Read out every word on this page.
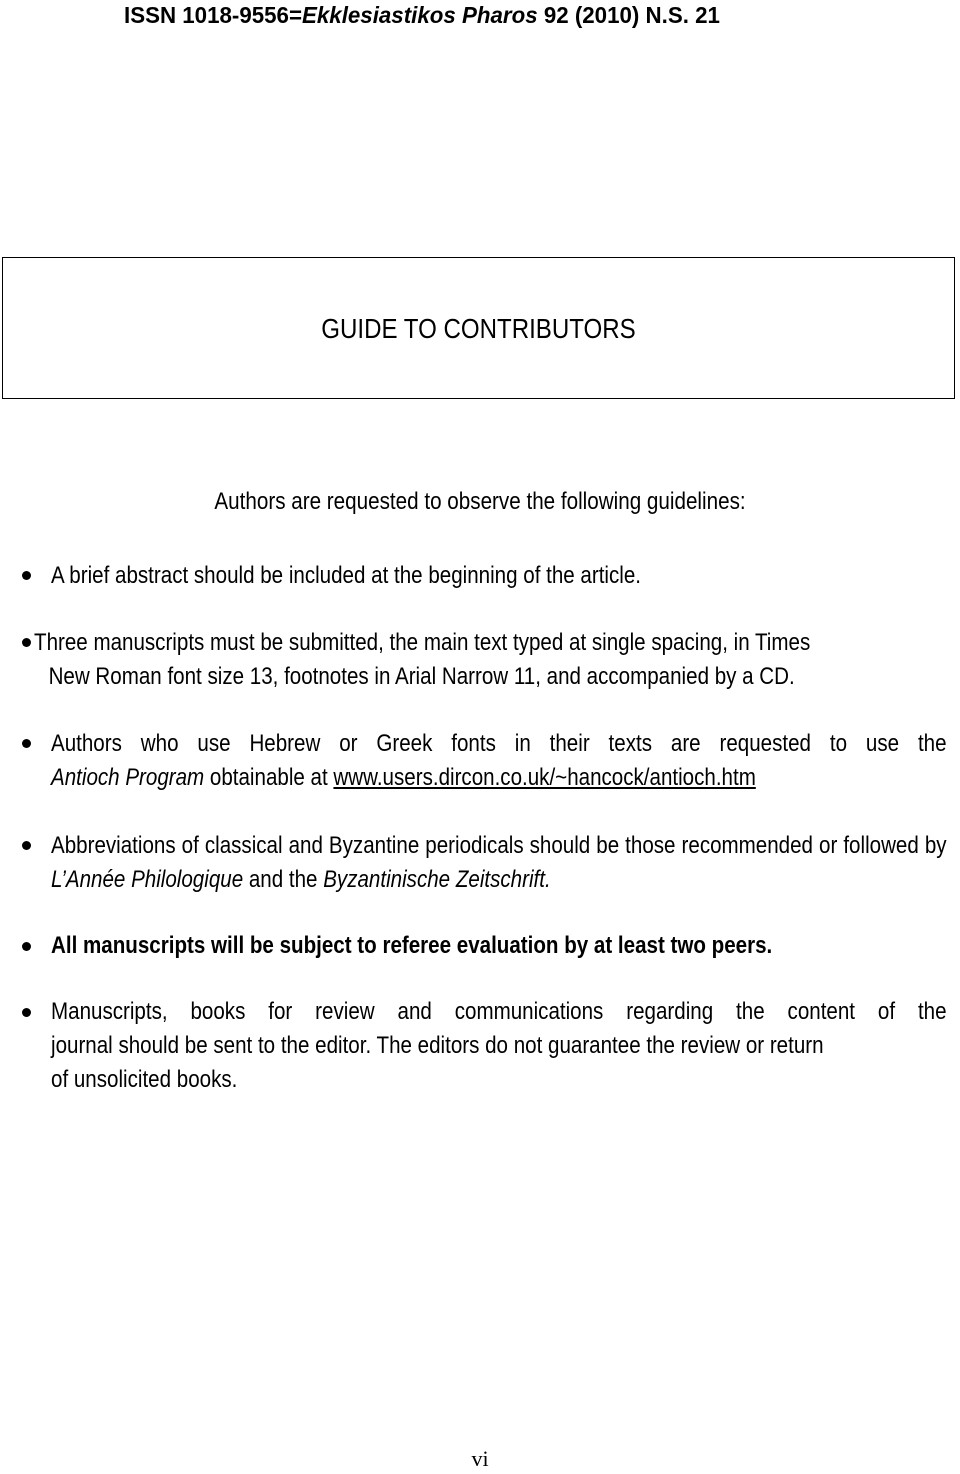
ISSN 1018-9556=Ekklesiastikos Pharos 92 (2010) N.S. 21
GUIDE TO CONTRIBUTORS
Authors are requested to observe the following guidelines:
A brief abstract should be included at the beginning of the article.
Three manuscripts must be submitted, the main text typed at single spacing, in Times
New Roman font size 13, footnotes in Arial Narrow 11, and accompanied by a CD.
Authors who use Hebrew or Greek fonts in their texts are requested to use the
Antioch Program obtainable at www.users.dircon.co.uk/~hancock/antioch.htm
Abbreviations of classical and Byzantine periodicals should be those recommended or followed by L’Année Philologique and the Byzantinische Zeitschrift.
All manuscripts will be subject to referee evaluation by at least two peers.
Manuscripts, books for review and communications regarding the content of the
journal should be sent to the editor. The editors do not guarantee the review or return
of unsolicited books.
vi
